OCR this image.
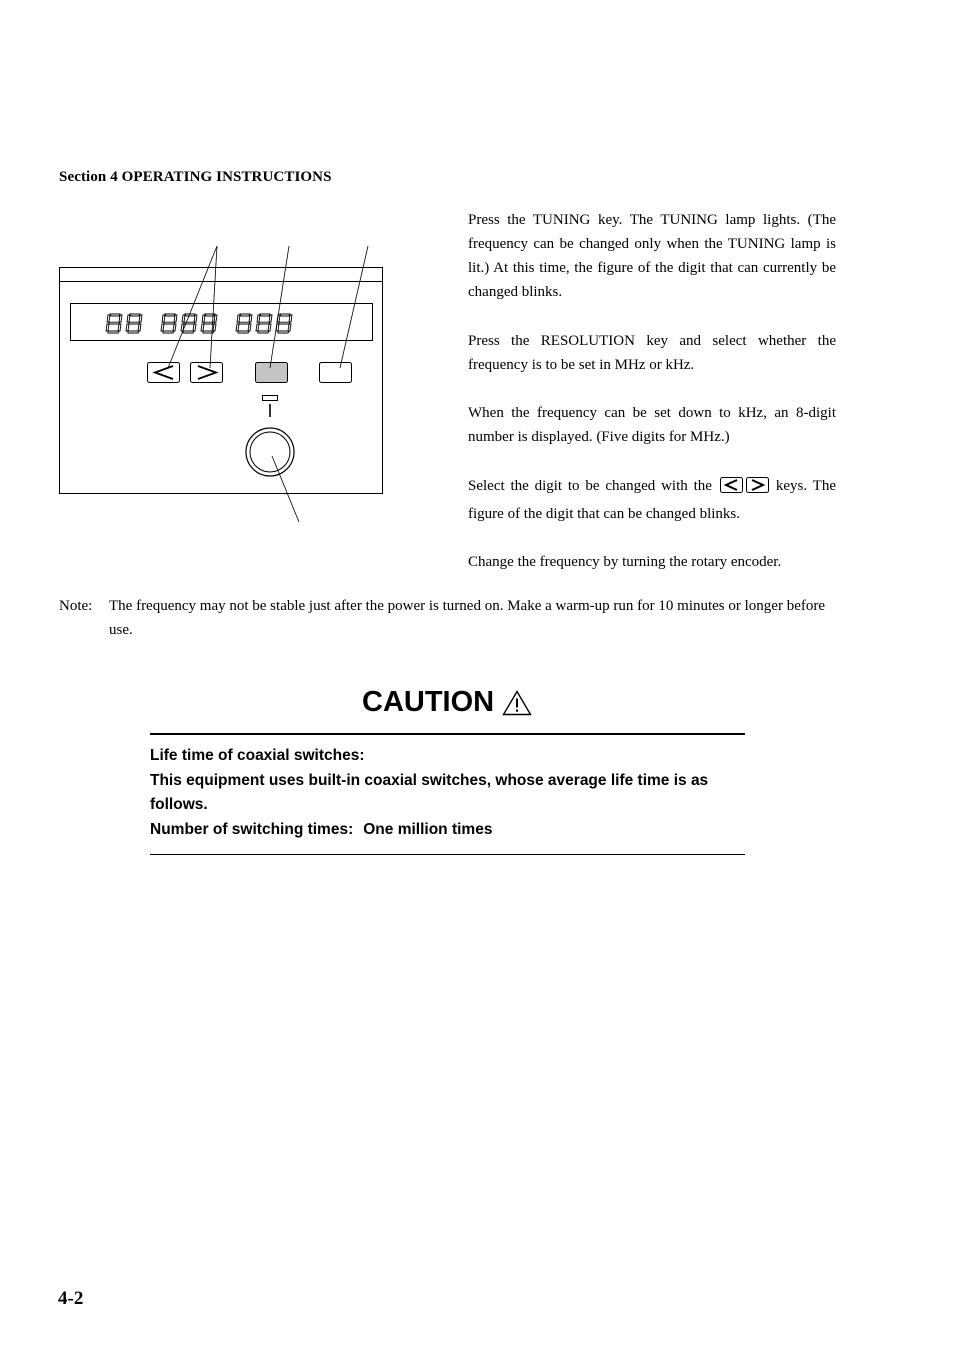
Section 4 OPERATING INSTRUCTIONS

Press the TUNING key. The TUNING lamp lights. (The frequency can be changed only when the TUNING lamp is lit.) At this time, the figure of the digit that can currently be changed blinks.

Press the RESOLUTION key and select whether the frequency is to be set in MHz or kHz.

When the frequency can be set down to kHz, an 8-digit number is displayed. (Five digits for MHz.)

Select the digit to be changed with the	keys. The figure of the digit that can be changed blinks.

Change the frequency by turning the rotary encoder.

Note: The frequency may not be stable just after the power is turned on. Make a warm-up run for 10 minutes or longer before use.
CAUTION
Life time of coaxial switches:
This equipment uses built-in coaxial switches, whose average life time is as follows.
Number of switching times: One million times
4-2
